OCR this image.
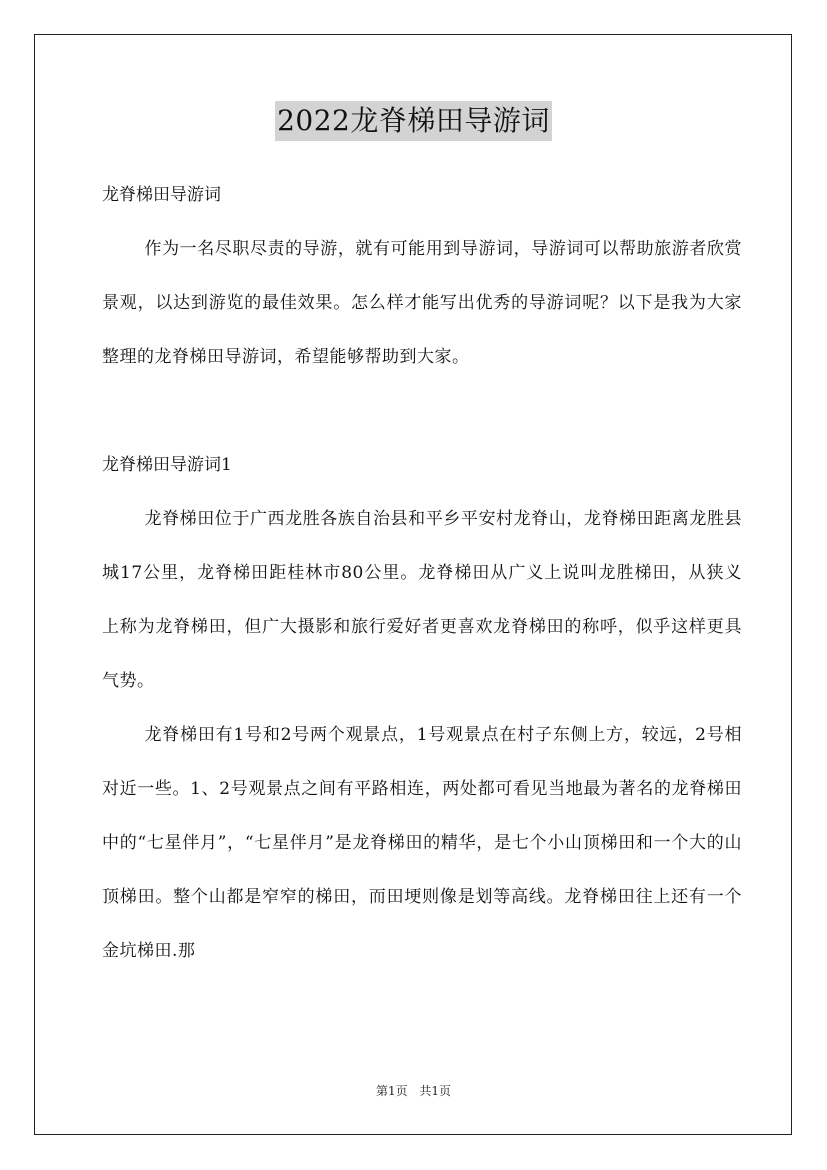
2022龙脊梯田导游词

龙脊梯田导游词

作为一名尽职尽责的导游，就有可能用到导游词，导游词可以帮助旅游者欣赏景观，以达到游览的最佳效果。怎么样才能写出优秀的导游词呢？以下是我为大家整理的龙脊梯田导游词，希望能够帮助到大家。

龙脊梯田导游词1

龙脊梯田位于广西龙胜各族自治县和平乡平安村龙脊山，龙脊梯田距离龙胜县城17公里，龙脊梯田距桂林市80公里。龙脊梯田从广义上说叫龙胜梯田，从狭义上称为龙脊梯田，但广大摄影和旅行爱好者更喜欢龙脊梯田的称呼，似乎这样更具气势。

龙脊梯田有1号和2号两个观景点，1号观景点在村子东侧上方，较远，2号相对近一些。1、2号观景点之间有平路相连，两处都可看见当地最为著名的龙脊梯田中的“七星伴月”，“七星伴月”是龙脊梯田的精华，是七个小山顶梯田和一个大的山顶梯田。整个山都是窄窄的梯田，而田埂则像是划等高线。龙脊梯田往上还有一个金坑梯田.那

第1页 共1页
